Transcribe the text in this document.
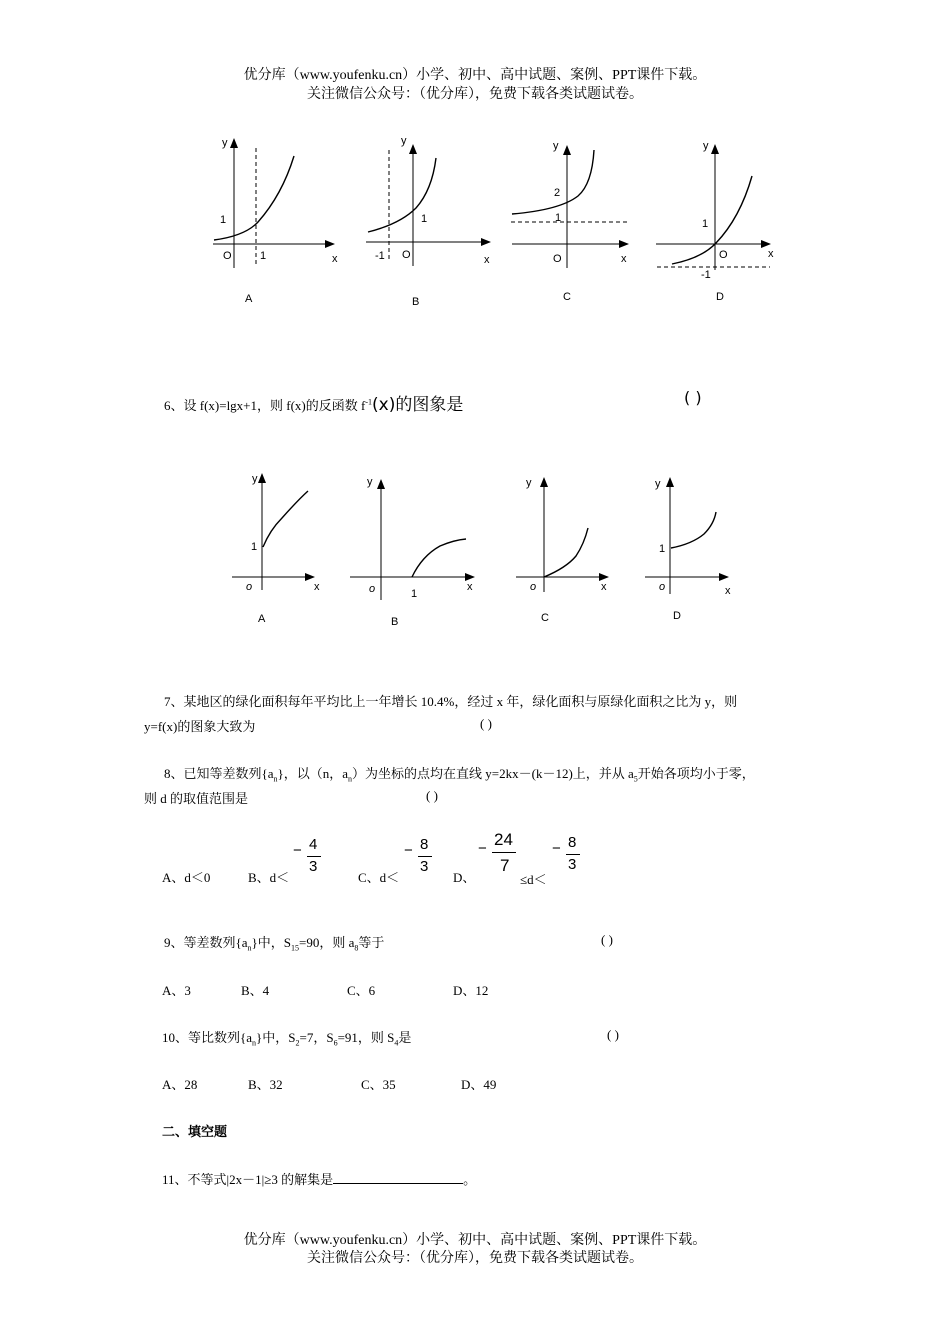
优分库（www.youfenku.cn）小学、初中、高中试题、案例、PPT课件下载。
关注微信公众号：（优分库），免费下载各类试题试卷。
y
x
O
1
1
A
y
x
O
1
-1
B
y
x
O
2
1
C
y
x
O
1
-1
D
6、设 f(x)=lgx+1，则 f(x)的反函数 $f^{-1}(x)$的图象是	( )
y
x
o
1
A
y
x
o	1
B
y
x
o
C
y
x
o
1
D
7、某地区的绿化面积每年平均比上一年增长 10.4%，经过 x 年，绿化面积与原绿化面积之比为 y，则
y=f(x)的图象大致为	( )
8、已知等差数列$\{a_n\}$，以（n，$a_n$）为坐标的点均在直线 y=2kx－(k－12)上，并从 $a_5$开始各项均小于零，
则 d 的取值范围是	( )
A、d＜0	B、d＜
− 4
3
C、d＜
− 8
3
D、
− 24
7
≤d＜
− 8
3
9、等差数列$\{a_n\}$中，$S_{15}=90$，则 $a_8$等于	( )
A、3	B、4	C、6	D、12
10、等比数列$\{a_n\}$中，$S_2=7$，$S_6=91$，则 $S_4$是	( )
A、28	B、32	C、35	D、49
二、填空题
11、不等式|2x－1|≥3 的解集是	。
优分库（www.youfenku.cn）小学、初中、高中试题、案例、PPT课件下载。
关注微信公众号：（优分库），免费下载各类试题试卷。
